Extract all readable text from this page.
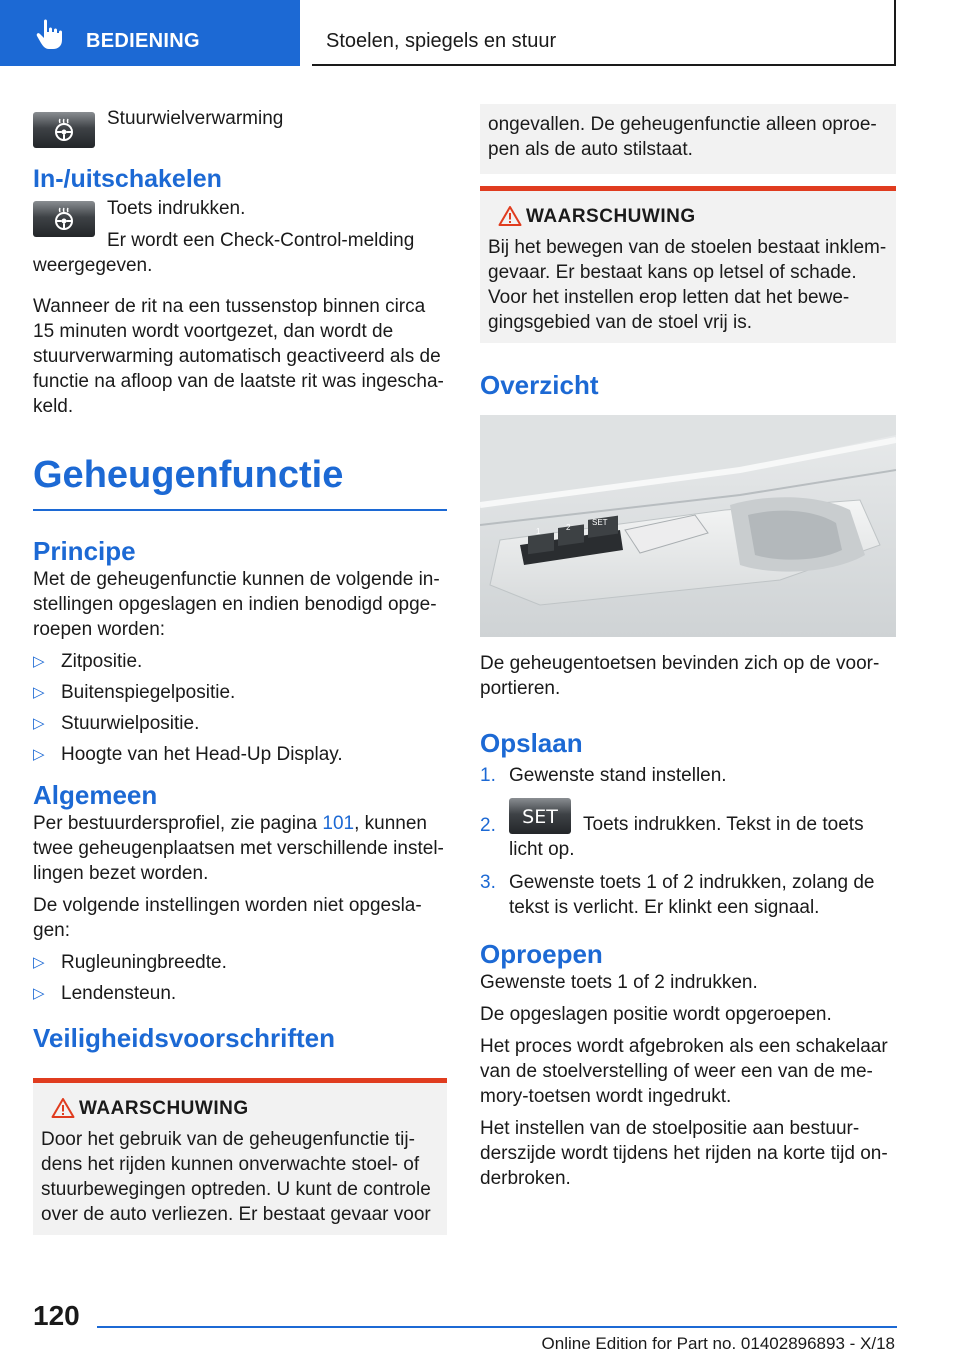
BEDIENING	Stoelen, spiegels en stuur

Stuurwielverwarming

In-/uitschakelen

Toets indrukken.

Er wordt een Check-Control-melding

weergegeven.

Wanneer de rit na een tussenstop binnen circa 15 minuten wordt voortgezet, dan wordt de stuurverwarming automatisch geactiveerd als de functie na afloop van de laatste rit was ingescha-keld.

Geheugenfunctie
Principe

Met de geheugenfunctie kunnen de volgende in-stellingen opgeslagen en indien benodigd opge-roepen worden:

▷ Zitpositie.
▷ Buitenspiegelpositie.
▷ Stuurwielpositie.
▷ Hoogte van het Head-Up Display.
Algemeen

Per bestuurdersprofiel, zie pagina 101, kunnen twee geheugenplaatsen met verschillende instel-lingen bezet worden.

De volgende instellingen worden niet opgesla-gen:

▷ Rugleuningbreedte.
▷ Lendensteun.
Veiligheidsvoorschriften
WAARSCHUWING

Door het gebruik van de geheugenfunctie tij-dens het rijden kunnen onverwachte stoel- of stuurbewegingen optreden. U kunt de controle over de auto verliezen. Er bestaat gevaar voor

ongevallen. De geheugenfunctie alleen oproe-pen als de auto stilstaat.

WAARSCHUWING

Bij het bewegen van de stoelen bestaat inklem-gevaar. Er bestaat kans op letsel of schade. Voor het instellen erop letten dat het bewe-gingsgebied van de stoel vrij is.

Overzicht
1	2
SET

De geheugentoetsen bevinden zich op de voor-portieren.

Opslaan
1. Gewenste stand instellen.
2.	SET	Toets indrukken. Tekst in de toets licht op.
3. Gewenste toets 1 of 2 indrukken, zolang de tekst is verlicht. Er klinkt een signaal.
Oproepen

Gewenste toets 1 of 2 indrukken.

De opgeslagen positie wordt opgeroepen.

Het proces wordt afgebroken als een schakelaar van de stoelverstelling of weer een van de me-mory-toetsen wordt ingedrukt.

Het instellen van de stoelpositie aan bestuur-derszijde wordt tijdens het rijden na korte tijd on-derbroken.

120
Online Edition for Part no. 01402896893 - X/18
